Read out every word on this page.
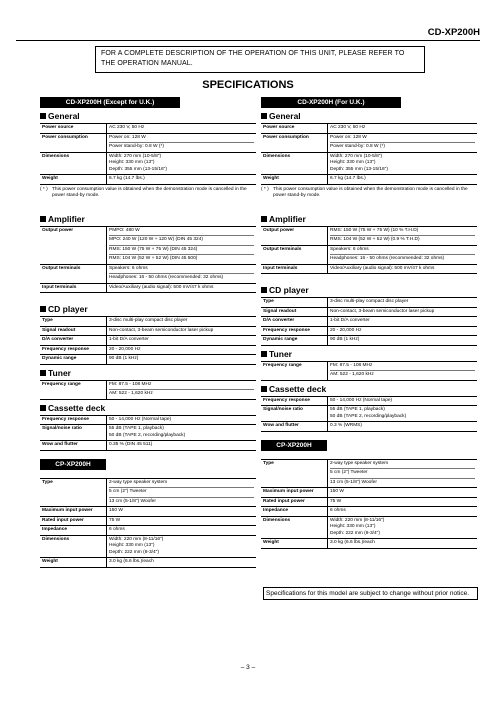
CD-XP200H
FOR A COMPLETE DESCRIPTION OF THE OPERATION OF THIS UNIT, PLEASE REFER TO THE OPERATION MANUAL.
SPECIFICATIONS
CD-XP200H (Except for U.K.)
General
Power source	AC 230 V, 50 Hz

Power consumption	Power on: 128 W
Power stand-by: 0.8 W (*)

Dimensions	Width: 270 mm (10-5/8")
Height: 330 mm (13")
Depth: 355 mm (13-15/16")

Weight	6.7 kg (14.7 lbs.)
( * ) This power consumption value is obtained when the demonstration mode is cancelled in the power stand-by mode.
Amplifier
Output power	PMPO: 480 W
MPO: 240 W (120 W + 120 W) (DIN 45 324)
RMS: 150 W (75 W + 75 W) (DIN 45 324)
RMS: 104 W (52 W + 52 W) (DIN 45 500)

Output terminals	Speakers: 6 ohms
Headphones: 16 - 50 ohms (recommended: 32 ohms)

Input terminals	Video/Auxiliary (audio signal): 500 mV/47 k ohms
CD player
Type	3-disc multi-play compact disc player

Signal readout	Non-contact, 3-beam semiconductor laser pickup

D/A converter	1-bit D/A converter

Frequency response	20 - 20,000 Hz

Dynamic range	90 dB (1 kHz)
Tuner
Frequency range	FM: 87.5 - 108 MHz
AM: 522 - 1,620 kHz
Cassette deck
Frequency response	50 - 14,000 Hz (Normal tape)

Signal/noise ratio	55 dB (TAPE 1, playback)
50 dB (TAPE 2, recording/playback)

Wow and flutter	0.35 % (DIN 45 511)
CP-XP200H
Type	2-way type speaker system
5 cm (2") Tweeter
13 cm (5-1/8") Woofer

Maximum input power	150 W

Rated input power	75 W

Impedance	6 ohms

Dimensions	Width: 220 mm (8-11/16")
Height: 330 mm (13")
Depth: 222 mm (8-3/4")

Weight	3.0 kg (6.6 lbs.)/each
CD-XP200H (For U.K.)
General
Power source	AC 230 V, 50 Hz

Power consumption	Power on: 128 W
Power stand-by: 0.8 W (*)

Dimensions	Width: 270 mm (10-5/8")
Height: 330 mm (13")
Depth: 355 mm (13-15/16")

Weight	6.7 kg (14.7 lbs.)
( * ) This power consumption value is obtained when the demonstration mode is cancelled in the power stand-by mode.
Amplifier
Output power	RMS: 150 W (75 W + 75 W) (10 % T.H.D)
RMS: 104 W (52 W + 52 W) (0.9 % T.H.D)

Output terminals	Speakers: 6 ohms
Headphones: 16 - 50 ohms (recommended: 32 ohms)

Input terminals	Video/Auxiliary (audio signal): 500 mV/47 k ohms
CD player
Type	3-disc multi-play compact disc player

Signal readout	Non-contact, 3-beam semiconductor laser pickup

D/A converter	1-bit D/A converter

Frequency response	20 - 20,000 Hz

Dynamic range	90 dB (1 kHz)
Tuner
Frequency range	FM: 87.5 - 108 MHz
AM: 522 - 1,620 kHz
Cassette deck
Frequency response	50 - 14,000 Hz (Normal tape)

Signal/noise ratio	55 dB (TAPE 1, playback)
50 dB (TAPE 2, recording/playback)

Wow and flutter	0.3 % (WRMS)
CP-XP200H
Type	2-way type speaker system
5 cm (2") Tweeter
13 cm (5-1/8") Woofer

Maximum input power	150 W

Rated input power	75 W

Impedance	6 ohms

Dimensions	Width: 220 mm (8-11/16")
Height: 330 mm (13")
Depth: 222 mm (8-3/4")

Weight	3.0 kg (6.6 lbs.)/each
Specifications for this model are subject to change without prior notice.
– 3 –
